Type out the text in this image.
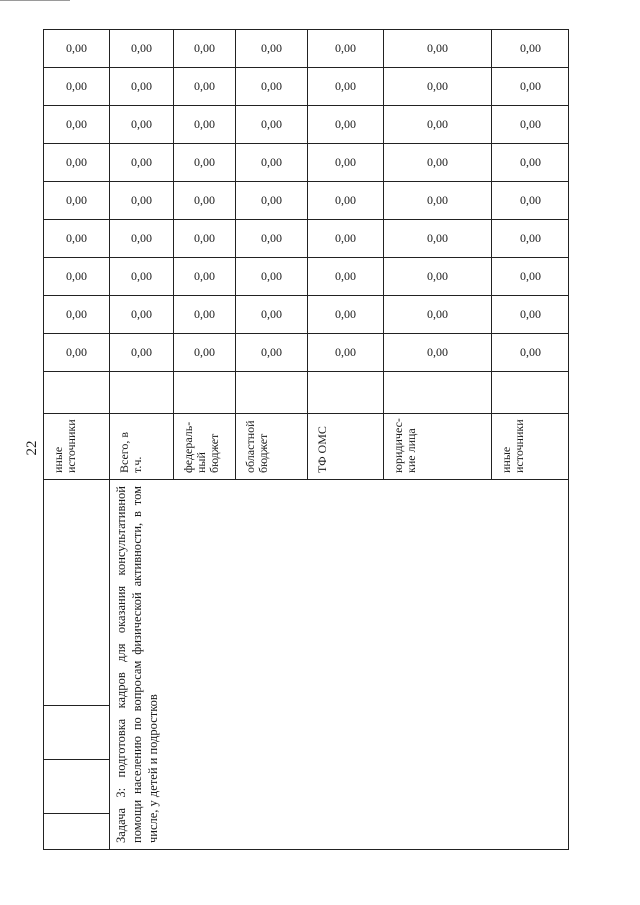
22
				иные источники		0,00	0,00	0,00	0,00	0,00	0,00	0,00	0,00	0,00
Задача 3: подготовка кадров для оказания консультативной помощи населению по вопросам физической активности, в том числе, у детей и подростков				Всего, в т.ч.		0,00	0,00	0,00	0,00	0,00	0,00	0,00	0,00	0,00
				федераль-ный бюджет		0,00	0,00	0,00	0,00	0,00	0,00	0,00	0,00	0,00
				областной бюджет		0,00	0,00	0,00	0,00	0,00	0,00	0,00	0,00	0,00
				ТФ ОМС		0,00	0,00	0,00	0,00	0,00	0,00	0,00	0,00	0,00
				юридичес-кие лица		0,00	0,00	0,00	0,00	0,00	0,00	0,00	0,00	0,00
				иные источники		0,00	0,00	0,00	0,00	0,00	0,00	0,00	0,00	0,00
